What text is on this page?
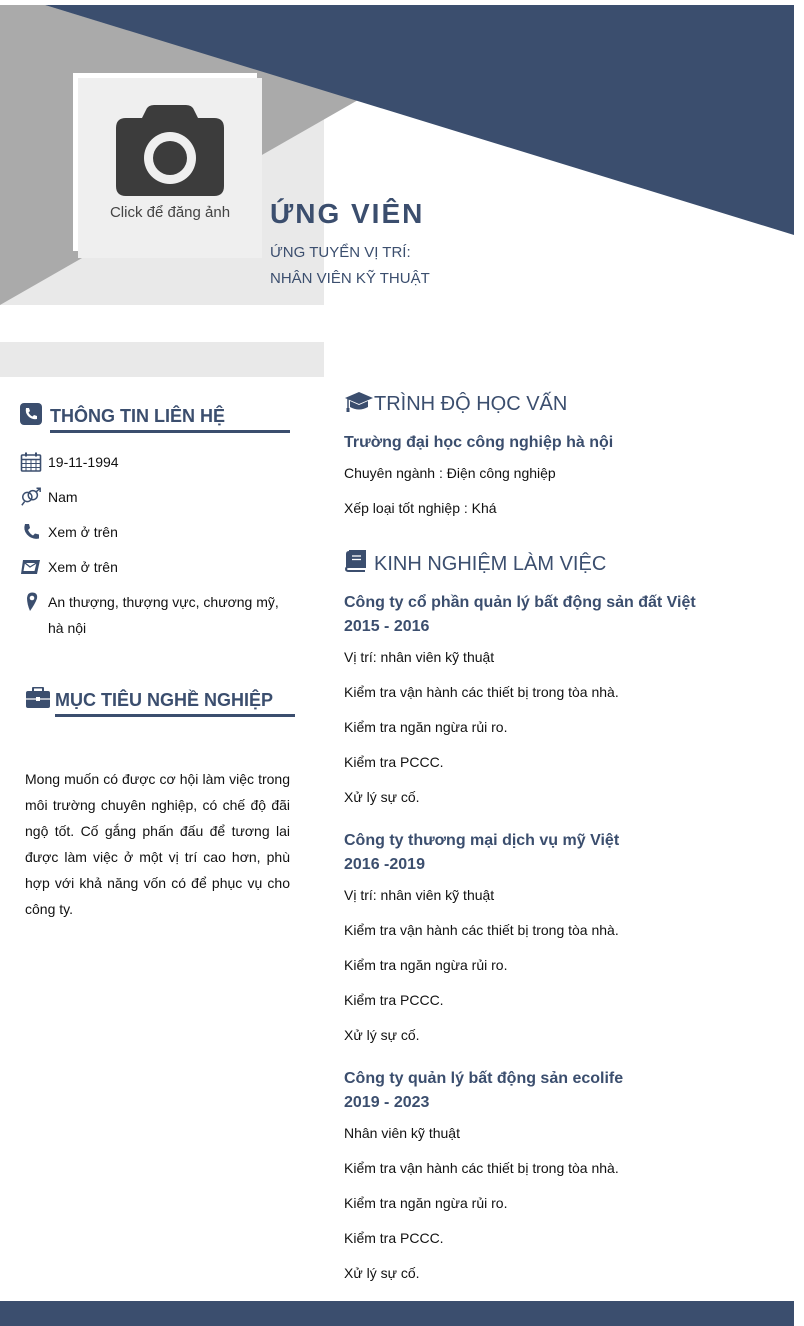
Click để đăng ảnh	ỨNG VIÊN
ỨNG TUYỂN VỊ TRÍ:
NHÂN VIÊN KỸ THUẬT
THÔNG TIN LIÊN HỆ
19-11-1994
Nam
Xem ở trên
Xem ở trên
An thượng, thượng vực, chương mỹ,
hà nội
MỤC TIÊU NGHỀ NGHIỆP
Mong muốn có được cơ hội làm việc trong môi trường chuyên nghiệp, có chế độ đãi ngộ tốt. Cố gắng phấn đấu để tương lai được làm việc ở một vị trí cao hơn, phù hợp với khả năng vốn có để phục vụ cho công ty.
TRÌNH ĐỘ HỌC VẤN
Trường đại học công nghiệp hà nội
Chuyên ngành : Điện công nghiệp
Xếp loại tốt nghiệp : Khá
KINH NGHIỆM LÀM VIỆC
Công ty cổ phần quản lý bất động sản đất Việt
2015 - 2016
Vị trí: nhân viên kỹ thuật
Kiểm tra vận hành các thiết bị trong tòa nhà.
Kiểm tra ngăn ngừa rủi ro.
Kiểm tra PCCC.
Xử lý sự cố.
Công ty thương mại dịch vụ mỹ Việt
2016 -2019
Vị trí: nhân viên kỹ thuật
Kiểm tra vận hành các thiết bị trong tòa nhà.
Kiểm tra ngăn ngừa rủi ro.
Kiểm tra PCCC.
Xử lý sự cố.
Công ty quản lý bất động sản ecolife
2019 - 2023
Nhân viên kỹ thuật
Kiểm tra vận hành các thiết bị trong tòa nhà.
Kiểm tra ngăn ngừa rủi ro.
Kiểm tra PCCC.
Xử lý sự cố.
